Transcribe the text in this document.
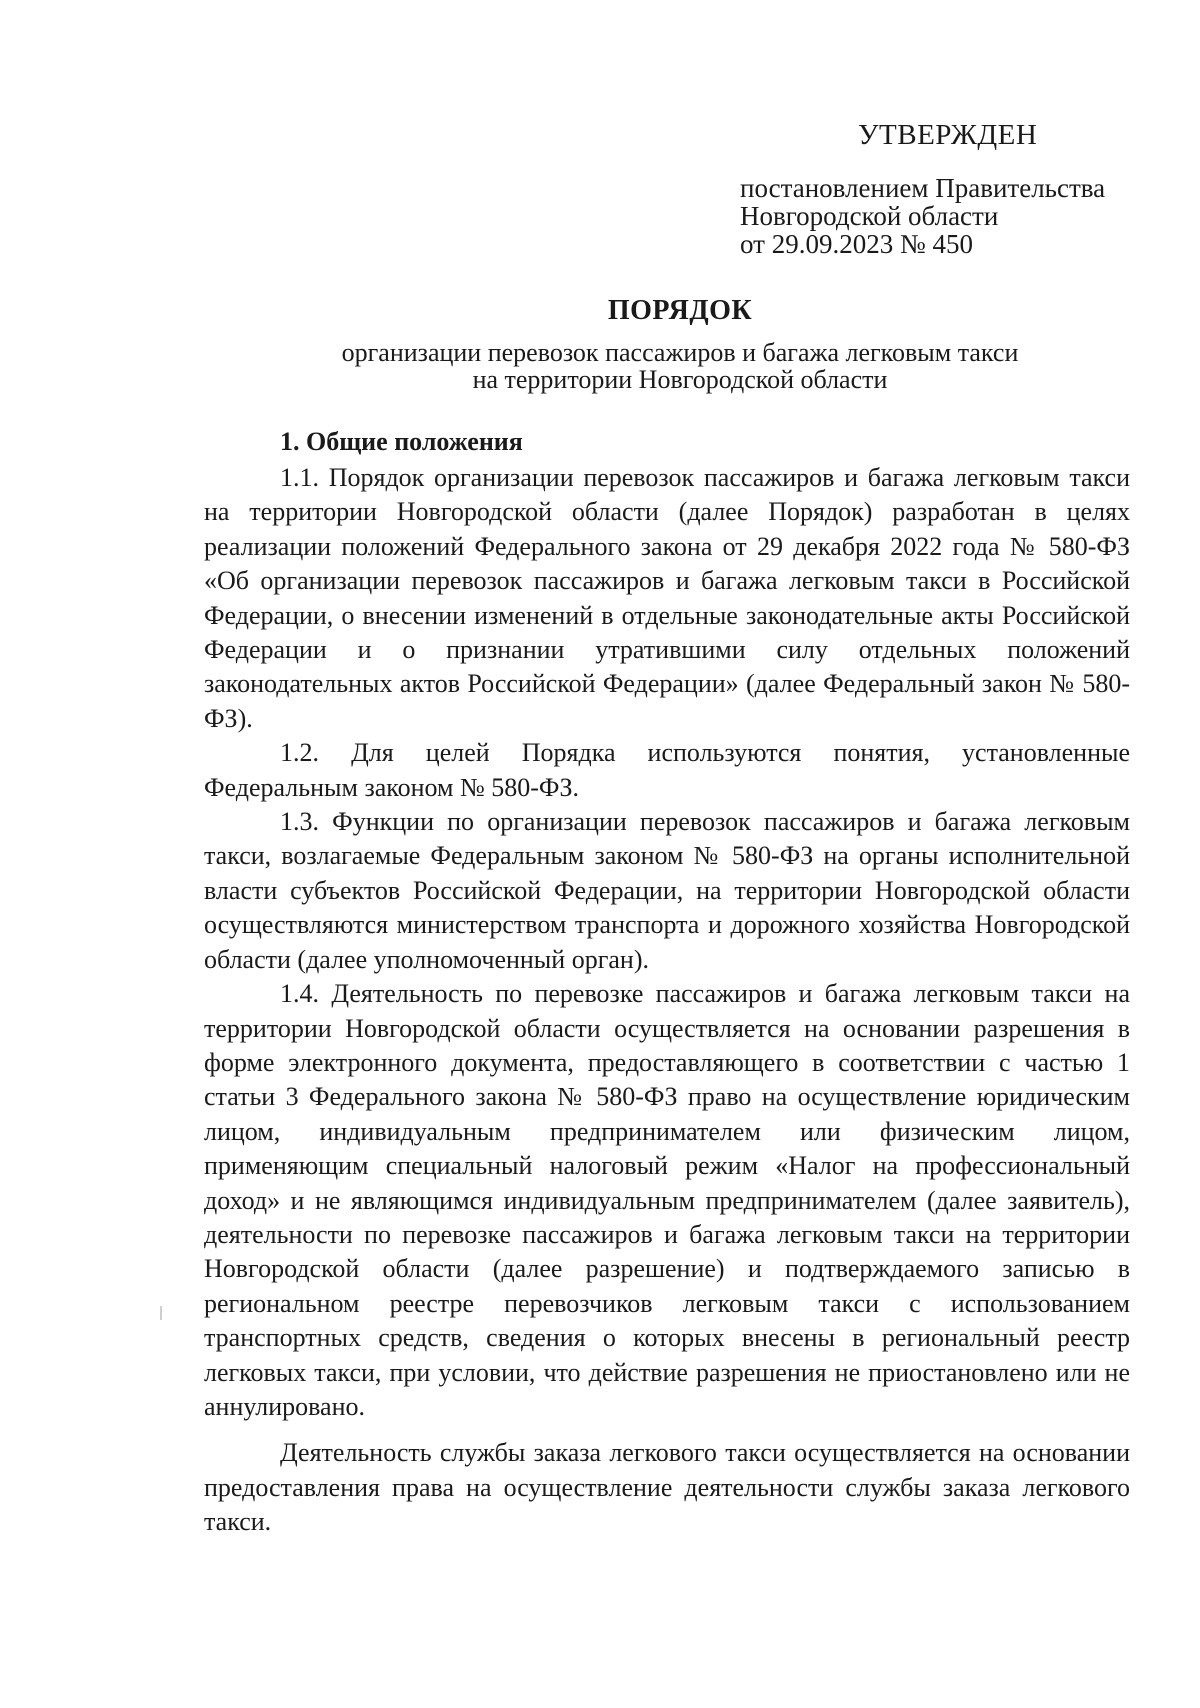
УТВЕРЖДЕН
постановлением Правительства
Новгородской области
от 29.09.2023 № 450
ПОРЯДОК
организации перевозок пассажиров и багажа легковым такси
на территории Новгородской области
1. Общие положения

1.1. Порядок организации перевозок пассажиров и багажа легковым такси на территории Новгородской области (далее Порядок) разработан в целях реализации положений Федерального закона от 29 декабря 2022 года № 580-ФЗ «Об организации перевозок пассажиров и багажа легковым такси в Российской Федерации, о внесении изменений в отдельные законодательные акты Российской Федерации и о признании утратившими силу отдельных положений законодательных актов Российской Федерации» (далее Федеральный закон № 580-ФЗ).

1.2. Для целей Порядка используются понятия, установленные Федеральным законом № 580-ФЗ.

1.3. Функции по организации перевозок пассажиров и багажа легковым такси, возлагаемые Федеральным законом № 580-ФЗ на органы исполнительной власти субъектов Российской Федерации, на территории Новгородской области осуществляются министерством транспорта и дорожного хозяйства Новгородской области (далее уполномоченный орган).

1.4. Деятельность по перевозке пассажиров и багажа легковым такси на территории Новгородской области осуществляется на основании разрешения в форме электронного документа, предоставляющего в соответствии с частью 1 статьи 3 Федерального закона № 580-ФЗ право на осуществление юридическим лицом, индивидуальным предпринимателем или физическим лицом, применяющим специальный налоговый режим «Налог на профессиональный доход» и не являющимся индивидуальным предпринимателем (далее заявитель), деятельности по перевозке пассажиров и багажа легковым такси на территории Новгородской области (далее разрешение) и подтверждаемого записью в региональном реестре перевозчиков легковым такси с использованием транспортных средств, сведения о которых внесены в региональный реестр легковых такси, при условии, что действие разрешения не приостановлено или не аннулировано.

Деятельность службы заказа легкового такси осуществляется на основании предоставления права на осуществление деятельности службы заказа легкового такси.
